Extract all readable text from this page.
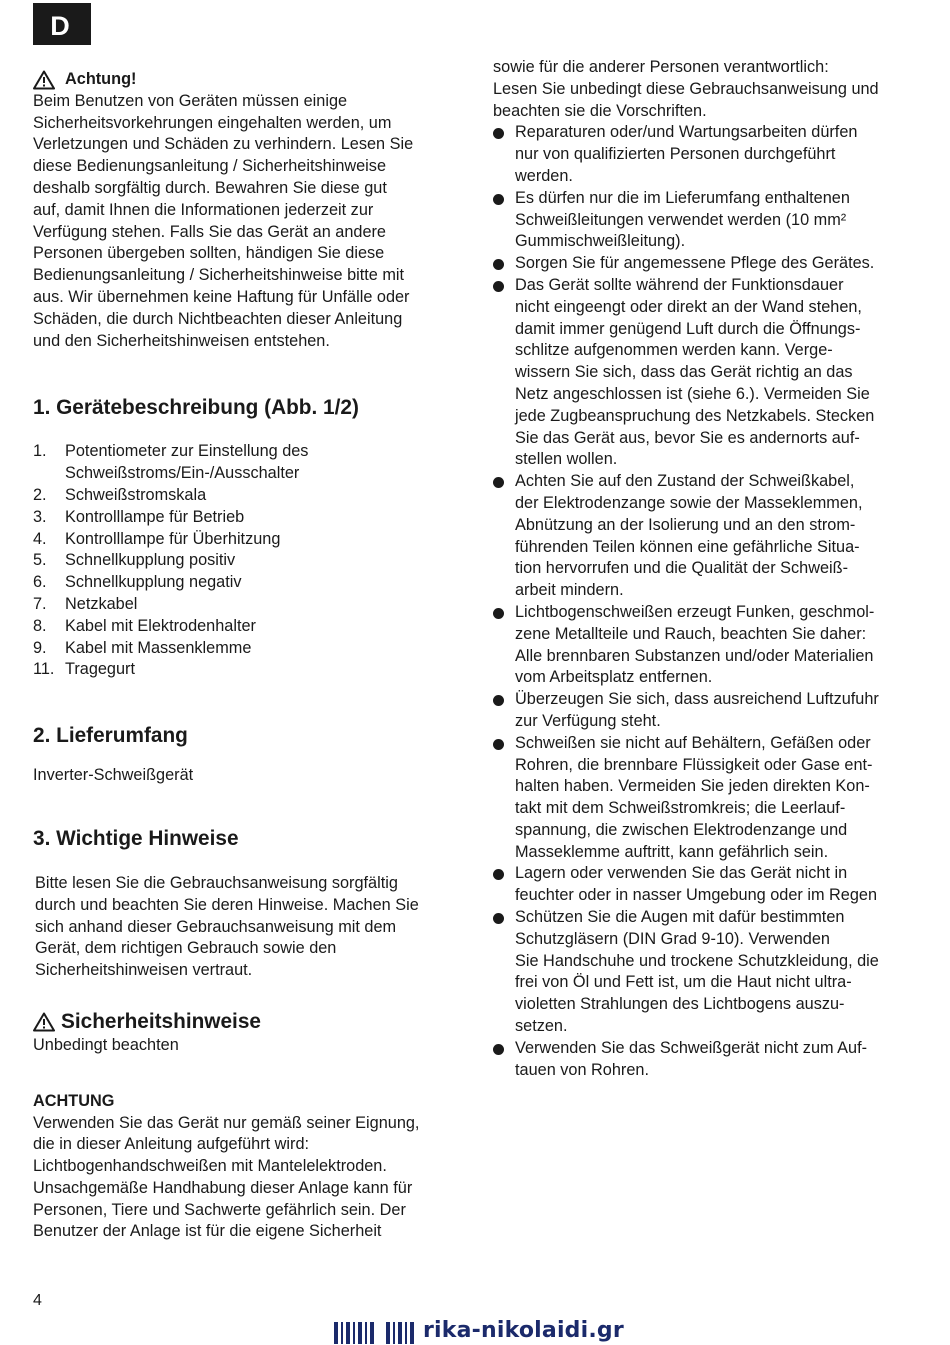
D
Achtung!
Beim Benutzen von Geräten müssen einige
Sicherheitsvorkehrungen eingehalten werden, um
Verletzungen und Schäden zu verhindern. Lesen Sie
diese Bedienungsanleitung / Sicherheitshinweise
deshalb sorgfältig durch. Bewahren Sie diese gut
auf, damit Ihnen die Informationen jederzeit zur
Verfügung stehen. Falls Sie das Gerät an andere
Personen übergeben sollten, händigen Sie diese
Bedienungsanleitung / Sicherheitshinweise bitte mit
aus. Wir übernehmen keine Haftung für Unfälle oder
Schäden, die durch Nichtbeachten dieser Anleitung
und den Sicherheitshinweisen entstehen.
1. Gerätebeschreibung (Abb. 1/2)
1. Potentiometer zur Einstellung des
Schweißstroms/Ein-/Ausschalter
2. Schweißstromskala
3. Kontrolllampe für Betrieb
4. Kontrolllampe für Überhitzung
5. Schnellkupplung positiv
6. Schnellkupplung negativ
7. Netzkabel
8. Kabel mit Elektrodenhalter
9. Kabel mit Massenklemme
11. Tragegurt
2. Lieferumfang

Inverter-Schweißgerät

3. Wichtige Hinweise
Bitte lesen Sie die Gebrauchsanweisung sorgfältig
durch und beachten Sie deren Hinweise. Machen Sie
sich anhand dieser Gebrauchsanweisung mit dem
Gerät, dem richtigen Gebrauch sowie den
Sicherheitshinweisen vertraut.
Sicherheitshinweise

Unbedingt beachten

ACHTUNG

Verwenden Sie das Gerät nur gemäß seiner Eignung,
die in dieser Anleitung aufgeführt wird:
Lichtbogenhandschweißen mit Mantelelektroden.
Unsachgemäße Handhabung dieser Anlage kann für
Personen, Tiere und Sachwerte gefährlich sein. Der
Benutzer der Anlage ist für die eigene Sicherheit
sowie für die anderer Personen verantwortlich:
Lesen Sie unbedingt diese Gebrauchsanweisung und
beachten sie die Vorschriften.
Reparaturen oder/und Wartungsarbeiten dürfen
nur von qualifizierten Personen durchgeführt
werden.
Es dürfen nur die im Lieferumfang enthaltenen
Schweißleitungen verwendet werden (10 mm²
Gummischweißleitung).
Sorgen Sie für angemessene Pflege des Gerätes.
Das Gerät sollte während der Funktionsdauer
nicht eingeengt oder direkt an der Wand stehen,
damit immer genügend Luft durch die Öffnungs-
schlitze aufgenommen werden kann. Verge-
wissern Sie sich, dass das Gerät richtig an das
Netz angeschlossen ist (siehe 6.). Vermeiden Sie
jede Zugbeanspruchung des Netzkabels. Stecken
Sie das Gerät aus, bevor Sie es andernorts auf-
stellen wollen.
Achten Sie auf den Zustand der Schweißkabel,
der Elektrodenzange sowie der Masseklemmen,
Abnützung an der Isolierung und an den strom-
führenden Teilen können eine gefährliche Situa-
tion hervorrufen und die Qualität der Schweiß-
arbeit mindern.
Lichtbogenschweißen erzeugt Funken, geschmol-
zene Metallteile und Rauch, beachten Sie daher:
Alle brennbaren Substanzen und/oder Materialien
vom Arbeitsplatz entfernen.
Überzeugen Sie sich, dass ausreichend Luftzufuhr
zur Verfügung steht.
Schweißen sie nicht auf Behältern, Gefäßen oder
Rohren, die brennbare Flüssigkeit oder Gase ent-
halten haben. Vermeiden Sie jeden direkten Kon-
takt mit dem Schweißstromkreis; die Leerlauf-
spannung, die zwischen Elektrodenzange und
Masseklemme auftritt, kann gefährlich sein.
Lagern oder verwenden Sie das Gerät nicht in
feuchter oder in nasser Umgebung oder im Regen
Schützen Sie die Augen mit dafür bestimmten
Schutzgläsern (DIN Grad 9-10). Verwenden
Sie Handschuhe und trockene Schutzkleidung, die
frei von Öl und Fett ist, um die Haut nicht ultra-
violetten Strahlungen des Lichtbogens auszu-
setzen.
Verwenden Sie das Schweißgerät nicht zum Auf-
tauen von Rohren.
4
rika-nikolaidi.gr
